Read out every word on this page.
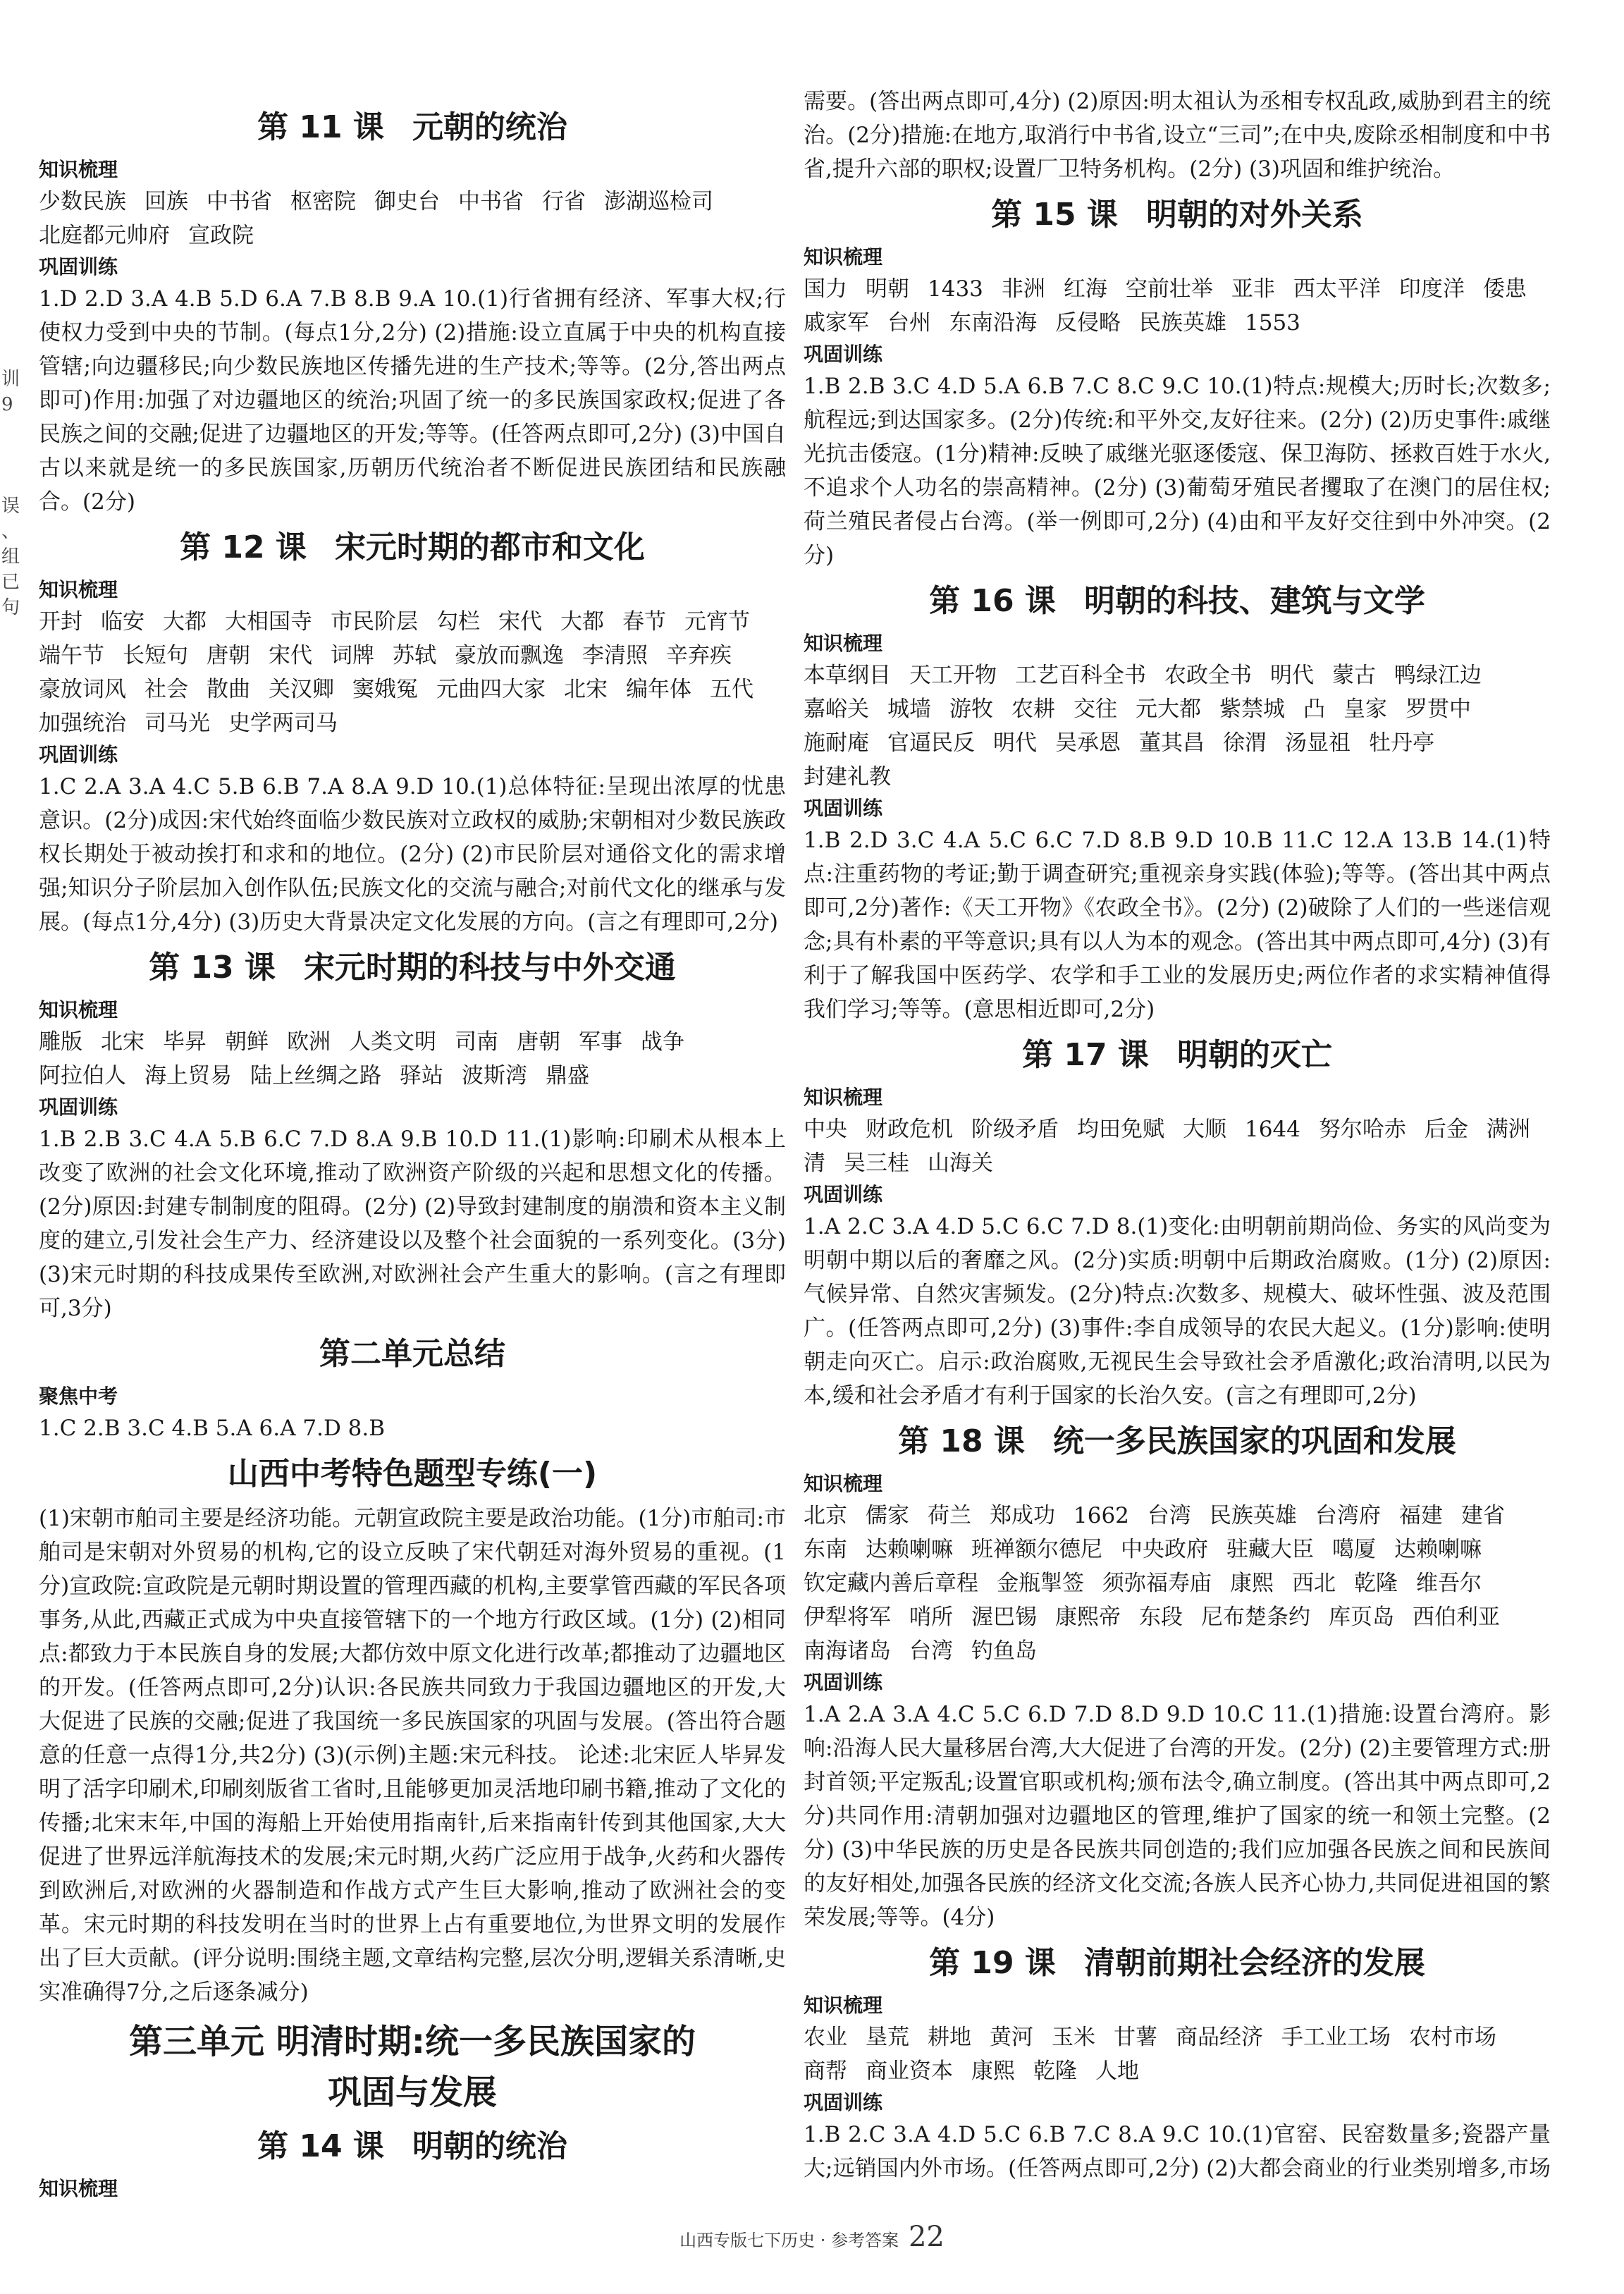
训
9
误
、
组
已
句
第 11 课 元朝的统治
知识梳理
少数民族 回族 中书省 枢密院 御史台 中书省 行省 澎湖巡检司北庭都元帅府 宣政院
巩固训练

1.D 2.D 3.A 4.B 5.D 6.A 7.B 8.B 9.A 10.(1)行省拥有经济、军事大权;行使权力受到中央的节制。(每点1分,2分) (2)措施:设立直属于中央的机构直接管辖;向边疆移民;向少数民族地区传播先进的生产技术;等等。(2分,答出两点即可)作用:加强了对边疆地区的统治;巩固了统一的多民族国家政权;促进了各民族之间的交融;促进了边疆地区的开发;等等。(任答两点即可,2分) (3)中国自古以来就是统一的多民族国家,历朝历代统治者不断促进民族团结和民族融合。(2分)

第 12 课 宋元时期的都市和文化
知识梳理
开封 临安 大都 大相国寺 市民阶层 勾栏 宋代 大都 春节 元宵节端午节 长短句 唐朝 宋代 词牌 苏轼 豪放而飘逸 李清照 辛弃疾豪放词风 社会 散曲 关汉卿 窦娥冤 元曲四大家 北宋 编年体 五代加强统治 司马光 史学两司马
巩固训练

1.C 2.A 3.A 4.C 5.B 6.B 7.A 8.A 9.D 10.(1)总体特征:呈现出浓厚的忧患意识。(2分)成因:宋代始终面临少数民族对立政权的威胁;宋朝相对少数民族政权长期处于被动挨打和求和的地位。(2分) (2)市民阶层对通俗文化的需求增强;知识分子阶层加入创作队伍;民族文化的交流与融合;对前代文化的继承与发展。(每点1分,4分) (3)历史大背景决定文化发展的方向。(言之有理即可,2分)

第 13 课 宋元时期的科技与中外交通
知识梳理
雕版 北宋 毕昇 朝鲜 欧洲 人类文明 司南 唐朝 军事 战争阿拉伯人 海上贸易 陆上丝绸之路 驿站 波斯湾 鼎盛
巩固训练

1.B 2.B 3.C 4.A 5.B 6.C 7.D 8.A 9.B 10.D 11.(1)影响:印刷术从根本上改变了欧洲的社会文化环境,推动了欧洲资产阶级的兴起和思想文化的传播。(2分)原因:封建专制制度的阻碍。(2分) (2)导致封建制度的崩溃和资本主义制度的建立,引发社会生产力、经济建设以及整个社会面貌的一系列变化。(3分) (3)宋元时期的科技成果传至欧洲,对欧洲社会产生重大的影响。(言之有理即可,3分)

第二单元总结
聚焦中考

1.C 2.B 3.C 4.B 5.A 6.A 7.D 8.B

山西中考特色题型专练(一)

(1)宋朝市舶司主要是经济功能。元朝宣政院主要是政治功能。(1分)市舶司:市舶司是宋朝对外贸易的机构,它的设立反映了宋代朝廷对海外贸易的重视。(1分)宣政院:宣政院是元朝时期设置的管理西藏的机构,主要掌管西藏的军民各项事务,从此,西藏正式成为中央直接管辖下的一个地方行政区域。(1分) (2)相同点:都致力于本民族自身的发展;大都仿效中原文化进行改革;都推动了边疆地区的开发。(任答两点即可,2分)认识:各民族共同致力于我国边疆地区的开发,大大促进了民族的交融;促进了我国统一多民族国家的巩固与发展。(答出符合题意的任意一点得1分,共2分) (3)(示例)主题:宋元科技。 论述:北宋匠人毕昇发明了活字印刷术,印刷刻版省工省时,且能够更加灵活地印刷书籍,推动了文化的传播;北宋末年,中国的海船上开始使用指南针,后来指南针传到其他国家,大大促进了世界远洋航海技术的发展;宋元时期,火药广泛应用于战争,火药和火器传到欧洲后,对欧洲的火器制造和作战方式产生巨大影响,推动了欧洲社会的变革。宋元时期的科技发明在当时的世界上占有重要地位,为世界文明的发展作出了巨大贡献。(评分说明:围绕主题,文章结构完整,层次分明,逻辑关系清晰,史实准确得7分,之后逐条减分)

第三单元 明清时期:统一多民族国家的
巩固与发展
第 14 课 明朝的统治
知识梳理

需要。(答出两点即可,4分) (2)原因:明太祖认为丞相专权乱政,威胁到君主的统治。(2分)措施:在地方,取消行中书省,设立“三司”;在中央,废除丞相制度和中书省,提升六部的职权;设置厂卫特务机构。(2分) (3)巩固和维护统治。

第 15 课 明朝的对外关系
知识梳理
国力 明朝 1433 非洲 红海 空前壮举 亚非 西太平洋 印度洋 倭患戚家军 台州 东南沿海 反侵略 民族英雄 1553
巩固训练

1.B 2.B 3.C 4.D 5.A 6.B 7.C 8.C 9.C 10.(1)特点:规模大;历时长;次数多;航程远;到达国家多。(2分)传统:和平外交,友好往来。(2分) (2)历史事件:戚继光抗击倭寇。(1分)精神:反映了戚继光驱逐倭寇、保卫海防、拯救百姓于水火,不追求个人功名的崇高精神。(2分) (3)葡萄牙殖民者攫取了在澳门的居住权;荷兰殖民者侵占台湾。(举一例即可,2分) (4)由和平友好交往到中外冲突。(2分)

第 16 课 明朝的科技、建筑与文学
知识梳理
本草纲目 天工开物 工艺百科全书 农政全书 明代 蒙古 鸭绿江边嘉峪关 城墙 游牧 农耕 交往 元大都 紫禁城 凸 皇家 罗贯中施耐庵 官逼民反 明代 吴承恩 董其昌 徐渭 汤显祖 牡丹亭封建礼教
巩固训练

1.B 2.D 3.C 4.A 5.C 6.C 7.D 8.B 9.D 10.B 11.C 12.A 13.B 14.(1)特点:注重药物的考证;勤于调查研究;重视亲身实践(体验);等等。(答出其中两点即可,2分)著作:《天工开物》《农政全书》。(2分) (2)破除了人们的一些迷信观念;具有朴素的平等意识;具有以人为本的观念。(答出其中两点即可,4分) (3)有利于了解我国中医药学、农学和手工业的发展历史;两位作者的求实精神值得我们学习;等等。(意思相近即可,2分)

第 17 课 明朝的灭亡
知识梳理
中央 财政危机 阶级矛盾 均田免赋 大顺 1644 努尔哈赤 后金 满洲清 吴三桂 山海关
巩固训练

1.A 2.C 3.A 4.D 5.C 6.C 7.D 8.(1)变化:由明朝前期尚俭、务实的风尚变为明朝中期以后的奢靡之风。(2分)实质:明朝中后期政治腐败。(1分) (2)原因:气候异常、自然灾害频发。(2分)特点:次数多、规模大、破坏性强、波及范围广。(任答两点即可,2分) (3)事件:李自成领导的农民大起义。(1分)影响:使明朝走向灭亡。启示:政治腐败,无视民生会导致社会矛盾激化;政治清明,以民为本,缓和社会矛盾才有利于国家的长治久安。(言之有理即可,2分)

第 18 课 统一多民族国家的巩固和发展
知识梳理
北京 儒家 荷兰 郑成功 1662 台湾 民族英雄 台湾府 福建 建省东南 达赖喇嘛 班禅额尔德尼 中央政府 驻藏大臣 噶厦 达赖喇嘛钦定藏内善后章程 金瓶掣签 须弥福寿庙 康熙 西北 乾隆 维吾尔伊犁将军 哨所 渥巴锡 康熙帝 东段 尼布楚条约 库页岛 西伯利亚南海诸岛 台湾 钓鱼岛
巩固训练

1.A 2.A 3.A 4.C 5.C 6.D 7.D 8.D 9.D 10.C 11.(1)措施:设置台湾府。影响:沿海人民大量移居台湾,大大促进了台湾的开发。(2分) (2)主要管理方式:册封首领;平定叛乱;设置官职或机构;颁布法令,确立制度。(答出其中两点即可,2分)共同作用:清朝加强对边疆地区的管理,维护了国家的统一和领土完整。(2分) (3)中华民族的历史是各民族共同创造的;我们应加强各民族之间和民族间的友好相处,加强各民族的经济文化交流;各族人民齐心协力,共同促进祖国的繁荣发展;等等。(4分)

第 19 课 清朝前期社会经济的发展
知识梳理
农业 垦荒 耕地 黄河 玉米 甘薯 商品经济 手工业工场 农村市场商帮 商业资本 康熙 乾隆 人地
巩固训练

1.B 2.C 3.A 4.D 5.C 6.B 7.C 8.A 9.C 10.(1)官窑、民窑数量多;瓷器产量大;远销国内外市场。(任答两点即可,2分) (2)大都会商业的行业类别增多,市场

山西专版七下历史 · 参考答案 22
